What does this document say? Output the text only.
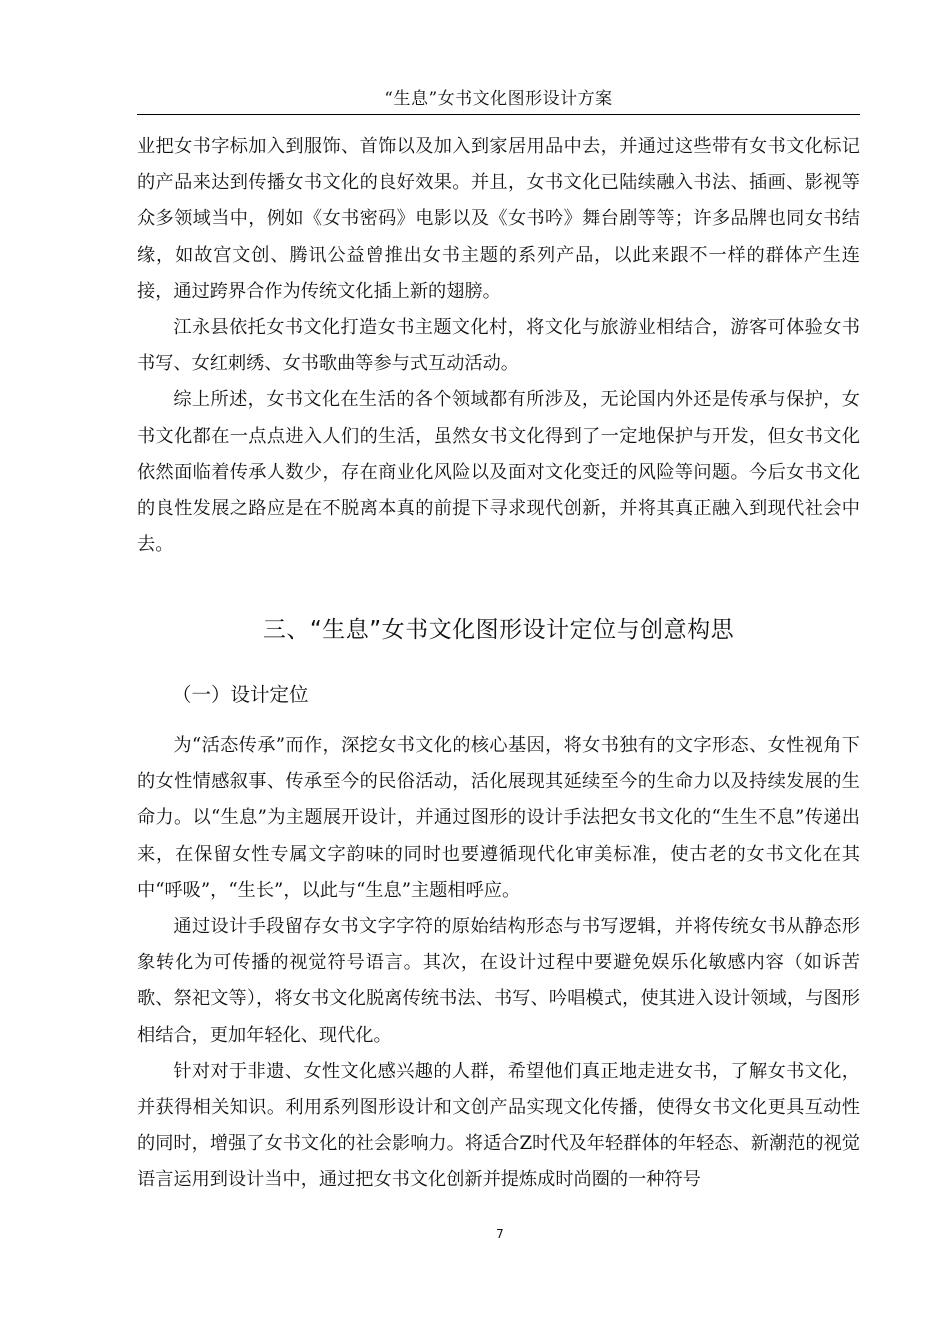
“生息”女书文化图形设计方案

业把女书字标加入到服饰、首饰以及加入到家居用品中去，并通过这些带有女书文化标记的产品来达到传播女书文化的良好效果。并且，女书文化已陆续融入书法、插画、影视等众多领域当中，例如《女书密码》电影以及《女书吟》舞台剧等等；许多品牌也同女书结缘，如故宫文创、腾讯公益曾推出女书主题的系列产品，以此来跟不一样的群体产生连接，通过跨界合作为传统文化插上新的翅膀。

江永县依托女书文化打造女书主题文化村，将文化与旅游业相结合，游客可体验女书书写、女红刺绣、女书歌曲等参与式互动活动。

综上所述，女书文化在生活的各个领域都有所涉及，无论国内外还是传承与保护，女书文化都在一点点进入人们的生活，虽然女书文化得到了一定地保护与开发，但女书文化依然面临着传承人数少，存在商业化风险以及面对文化变迁的风险等问题。今后女书文化的良性发展之路应是在不脱离本真的前提下寻求现代创新，并将其真正融入到现代社会中去。

三、“生息”女书文化图形设计定位与创意构思
（一）设计定位

为“活态传承”而作，深挖女书文化的核心基因，将女书独有的文字形态、女性视角下的女性情感叙事、传承至今的民俗活动，活化展现其延续至今的生命力以及持续发展的生命力。以“生息”为主题展开设计，并通过图形的设计手法把女书文化的“生生不息”传递出来，在保留女性专属文字韵味的同时也要遵循现代化审美标准，使古老的女书文化在其中“呼吸”，“生长”，以此与“生息”主题相呼应。

通过设计手段留存女书文字字符的原始结构形态与书写逻辑，并将传统女书从静态形象转化为可传播的视觉符号语言。其次，在设计过程中要避免娱乐化敏感内容（如诉苦歌、祭祀文等），将女书文化脱离传统书法、书写、吟唱模式，使其进入设计领域，与图形相结合，更加年轻化、现代化。

针对对于非遗、女性文化感兴趣的人群，希望他们真正地走进女书，了解女书文化，并获得相关知识。利用系列图形设计和文创产品实现文化传播，使得女书文化更具互动性的同时，增强了女书文化的社会影响力。将适合Z时代及年轻群体的年轻态、新潮范的视觉语言运用到设计当中，通过把女书文化创新并提炼成时尚圈的一种符号

7
